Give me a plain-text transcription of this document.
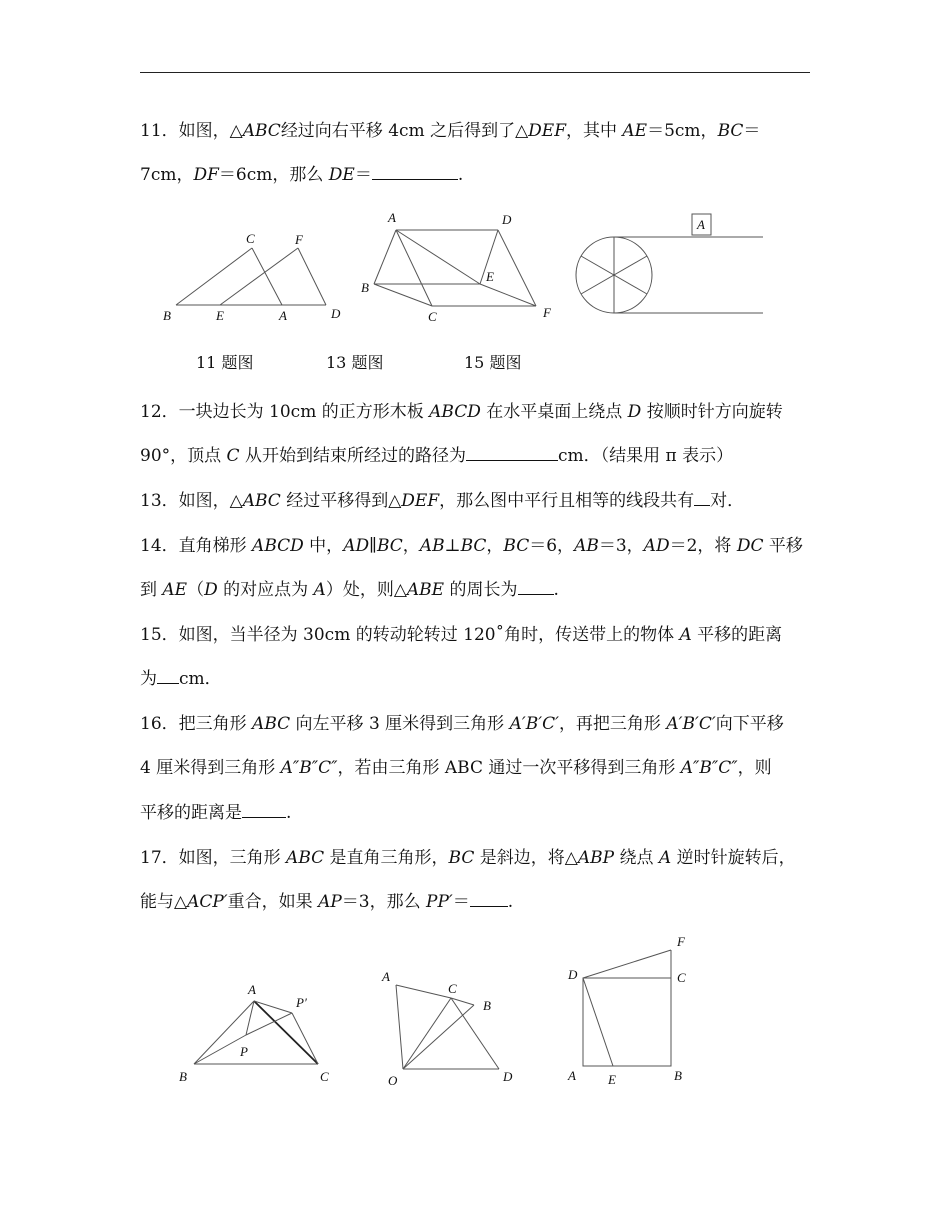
11．如图，△ABC经过向右平移 4cm 之后得到了△DEF，其中 AE＝5cm，BC＝
7cm，DF＝6cm，那么 DE＝	.
B	E	A	D
C	F
A	D
B
E
C	F
A
11 题图	13 题图	15 题图
12．一块边长为 10cm 的正方形木板 ABCD 在水平桌面上绕点 D 按顺时针方向旋转
90°，顶点 C 从开始到结束所经过的路径为	cm．（结果用 π 表示）
13．如图，△ABC 经过平移得到△DEF，那么图中平行且相等的线段共有 对．
14．直角梯形 ABCD 中，AD∥BC，AB⊥BC，BC＝6，AB＝3，AD＝2，将 DC 平移
到 AE（D 的对应点为 A）处，则△ABE 的周长为 .
15．如图，当半径为 30cm 的转动轮转过 120˚角时，传送带上的物体 A 平移的距离
为 cm．
16．把三角形 ABC 向左平移 3 厘米得到三角形 A′B′C′，再把三角形 A′B′C′向下平移
4 厘米得到三角形 A″B″C″，若由三角形 ABC 通过一次平移得到三角形 A″B″C″，则
平移的距离是	.
17．如图，三角形 ABC 是直角三角形，BC 是斜边，将△ABP 绕点 A 逆时针旋转后，
能与△ACP′重合，如果 AP＝3，那么 PP′＝ .
A
P′
P
B	C
A
C
B
O	D
F
D	C
A E	B
